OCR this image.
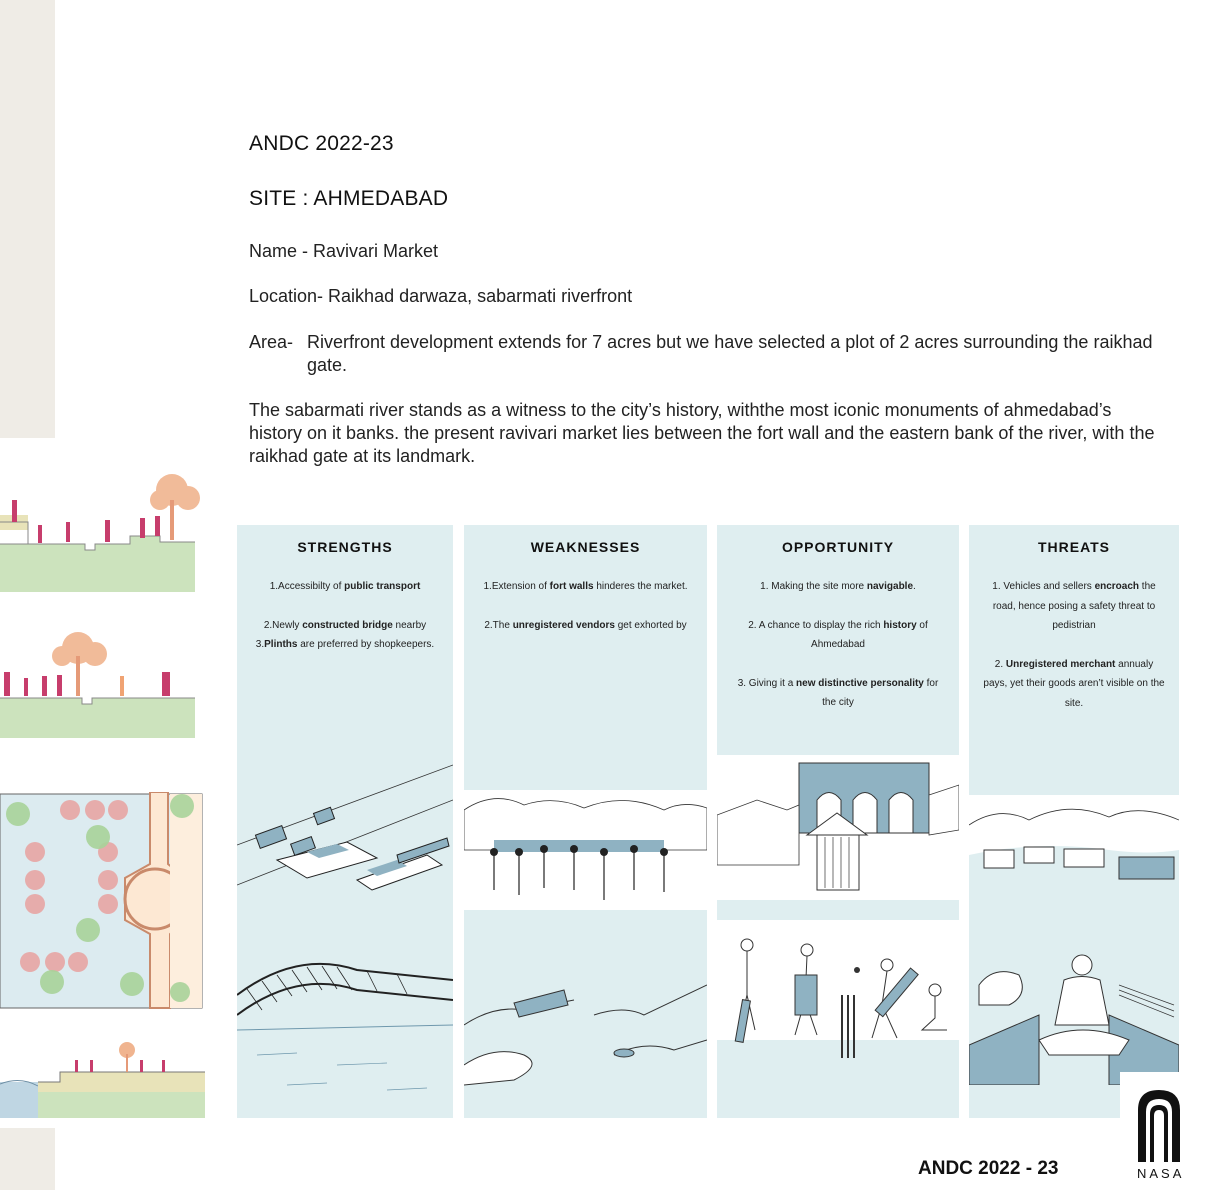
ANDC 2022-23
SITE : AHMEDABAD
Name - Ravivari Market
Location- Raikhad darwaza, sabarmati riverfront
Area- Riverfront development extends for 7 acres but we have selected a plot of 2 acres surrounding the raikhad gate.
The sabarmati river stands as a witness to the city’s history, withthe most iconic monuments of ahmedabad’s history on it banks. the present ravivari market lies between the fort wall and the eastern bank of the river, with the raikhad gate at its landmark.
STRENGTHS

1.Accessibilty of public transport

2.Newly constructed bridge nearby

3.Plinths are preferred by shopkeepers.

WEAKNESSES

1.Extension of fort walls hinderes the market.

2.The unregistered vendors get exhorted by

OPPORTUNITY

1. Making the site more navigable.

2. A chance to display the rich history of Ahmedabad

3. Giving it a new distinctive personality for the city

THREATS

1. Vehicles and sellers encroach the road, hence posing a safety threat to pedistrian

2. Unregistered merchant annualy pays, yet their goods aren’t visible on the site.

ANDC 2022 - 23	NASA
